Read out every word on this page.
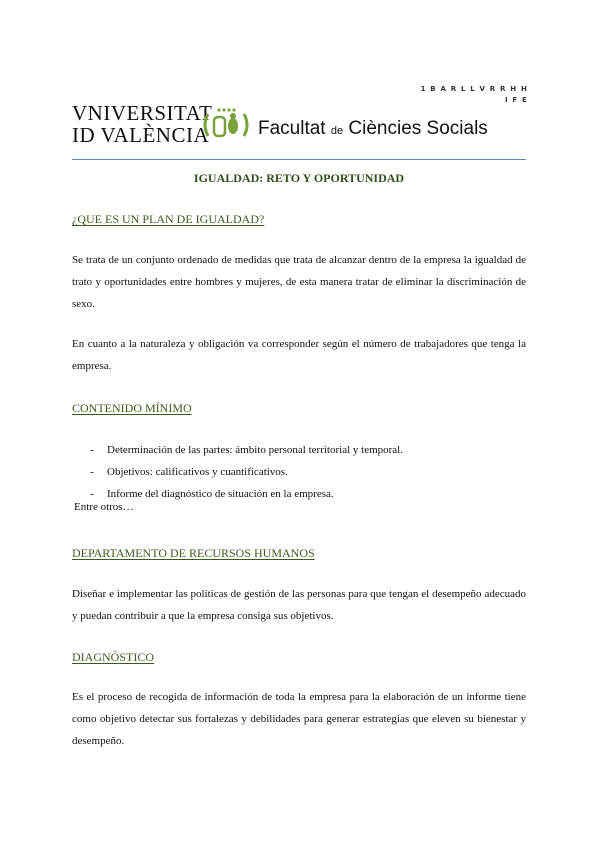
1 B A R L L V R R H H
I F E
VNIVERSITAT
ID VALÈNCIA	Facultat de Ciències Socials
IGUALDAD: RETO Y OPORTUNIDAD
¿QUE ES UN PLAN DE IGUALDAD?
Se trata de un conjunto ordenado de medidas que trata de alcanzar dentro de la empresa la igualdad de trato y oportunidades entre hombres y mujeres, de esta manera tratar de eliminar la discriminación de sexo.
En cuanto a la naturaleza y obligación va corresponder según el número de trabajadores que tenga la empresa.
CONTENIDO MÍNIMO
- Determinación de las partes: ámbito personal territorial y temporal.
- Objetivos: calificativos y cuantificativos.
- Informe del diagnóstico de situación en la empresa.
Entre otros…
DEPARTAMENTO DE RECURSOS HUMANOS
Diseñar e implementar las políticas de gestión de las personas para que tengan el desempeño adecuado y puedan contribuir a que la empresa consiga sus objetivos.
DIAGNÓSTICO
Es el proceso de recogida de información de toda la empresa para la elaboración de un informe tiene como objetivo detectar sus fortalezas y debilidades para generar estrategias que eleven su bienestar y desempeño.
